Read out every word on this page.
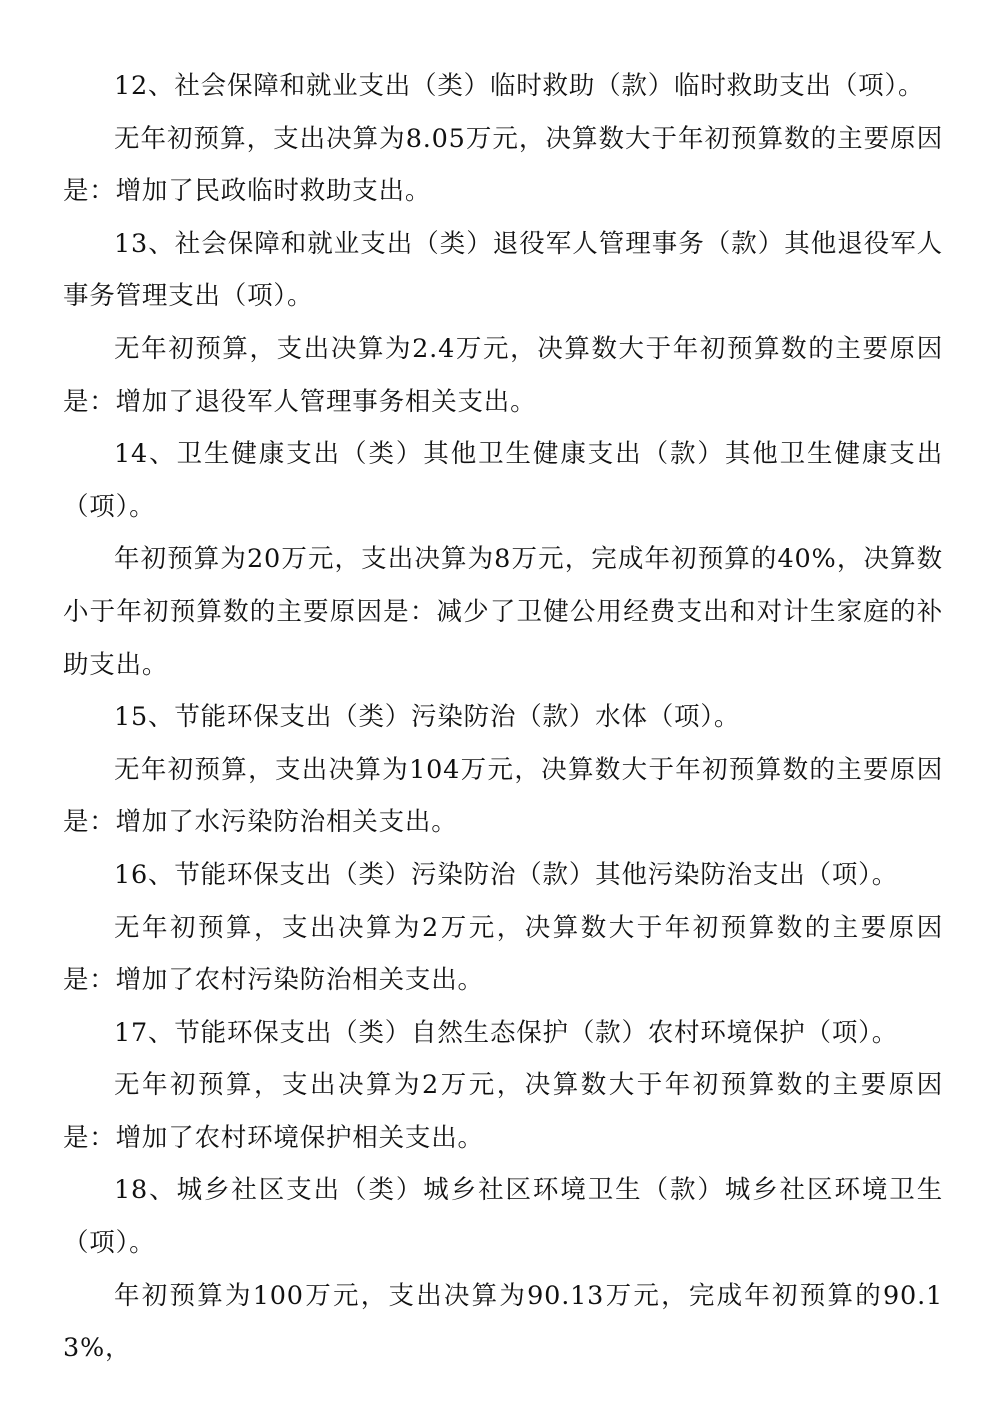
12、社会保障和就业支出（类）临时救助（款）临时救助支出（项）。

无年初预算，支出决算为8.05万元，决算数大于年初预算数的主要原因是：增加了民政临时救助支出。

13、社会保障和就业支出（类）退役军人管理事务（款）其他退役军人事务管理支出（项）。

无年初预算，支出决算为2.4万元，决算数大于年初预算数的主要原因是：增加了退役军人管理事务相关支出。

14、卫生健康支出（类）其他卫生健康支出（款）其他卫生健康支出（项）。

年初预算为20万元，支出决算为8万元，完成年初预算的40%，决算数小于年初预算数的主要原因是：减少了卫健公用经费支出和对计生家庭的补助支出。

15、节能环保支出（类）污染防治（款）水体（项）。

无年初预算，支出决算为104万元，决算数大于年初预算数的主要原因是：增加了水污染防治相关支出。

16、节能环保支出（类）污染防治（款）其他污染防治支出（项）。

无年初预算，支出决算为2万元，决算数大于年初预算数的主要原因是：增加了农村污染防治相关支出。

17、节能环保支出（类）自然生态保护（款）农村环境保护（项）。

无年初预算，支出决算为2万元，决算数大于年初预算数的主要原因是：增加了农村环境保护相关支出。

18、城乡社区支出（类）城乡社区环境卫生（款）城乡社区环境卫生（项）。

年初预算为100万元，支出决算为90.13万元，完成年初预算的90.13%，
